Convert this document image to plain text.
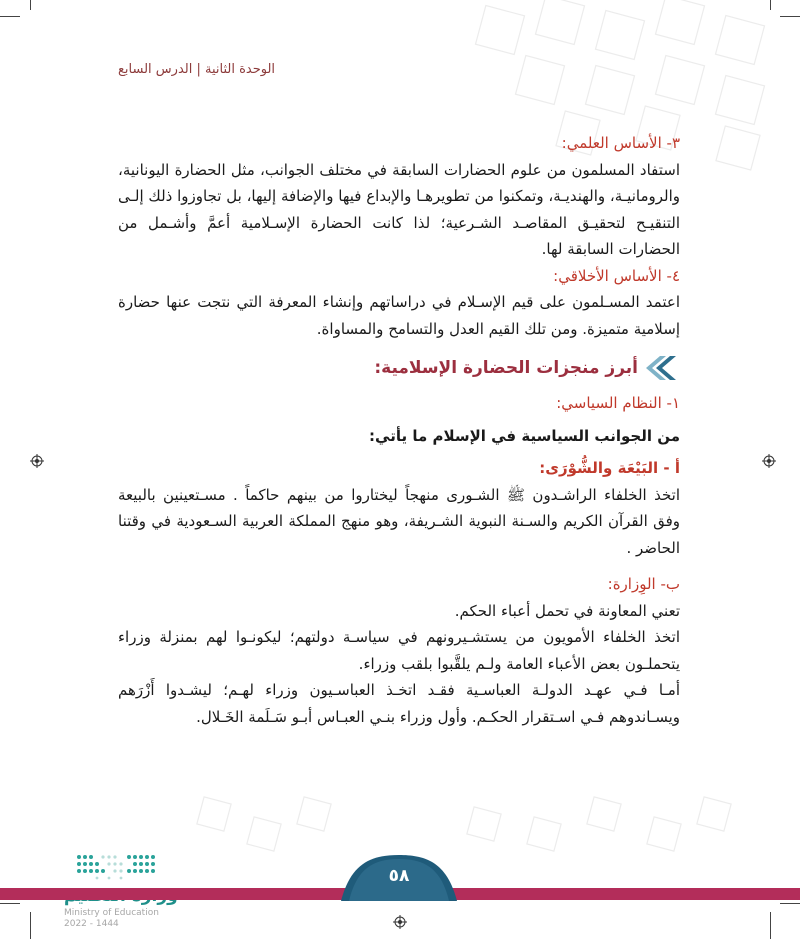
الوحدة الثانية | الدرس السابع

٣- الأساس العلمي:

استفاد المسلمون من علوم الحضارات السابقة في مختلف الجوانب، مثل الحضارة اليونانية، والرومانيـة، والهنديـة، وتمكنوا من تطويرهـا والإبداع فيها والإضافة إليها، بل تجاوزوا ذلك إلـى التنقيـح لتحقيـق المقاصـد الشـرعية؛ لذا كانت الحضارة الإسـلامية أعمَّ وأشـمل من الحضارات السابقة لها.

٤- الأساس الأخلاقي:

اعتمد المسـلمون على قيم الإسـلام في دراساتهم وإنشاء المعرفة التي نتجت عنها حضارة إسلامية متميزة. ومن تلك القيم العدل والتسامح والمساواة.

أبرز منجزات الحضارة الإسلامية:

١- النظام السياسي:

من الجوانب السياسية في الإسلام ما يأتي:

أ - البَيْعَة والشُّوْرَى:

اتخذ الخلفاء الراشـدون ﷺ الشـورى منهجاً ليختاروا من بينهم حاكماً . مسـتعينين بالبيعة وفق القرآن الكريم والسـنة النبوية الشـريفة، وهو منهج المملكة العربية السـعودية في وقتنا الحاضر .

ب- الوِزارة:

تعني المعاونة في تحمل أعباء الحكم.

اتخذ الخلفاء الأمويون من يستشـيرونهم في سياسـة دولتهم؛ ليكونـوا لهم بمنزلة وزراء يتحملـون بعض الأعباء العامة ولـم يلقَّبوا بلقب وزراء.

أمـا فـي عهـد الدولـة العباسـية فقـد اتخـذ العباسـيون وزراء لهـم؛ ليشـدوا أَزْرَهم ويسـاندوهم فـي اسـتقرار الحكـم. وأول وزراء بنـي العبـاس أبـو سَـلَمة الخَـلال.

Ministry of Education
2022 - 1444
٥٨
